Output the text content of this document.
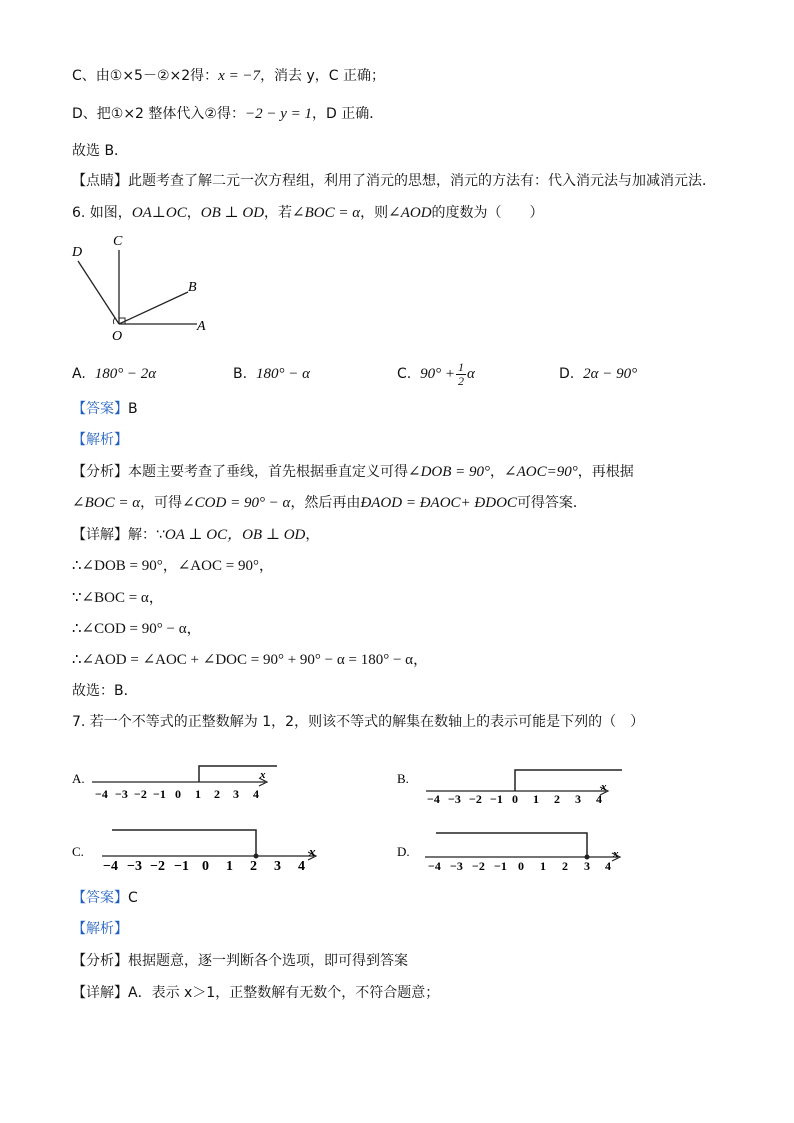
C、由①×5－②×2得：x = −7，消去 y，C 正确；
D、把①×2 整体代入②得：−2 − y = 1，D 正确．
故选 B．
【点睛】此题考查了解二元一次方程组，利用了消元的思想，消元的方法有：代入消元法与加减消元法．
6. 如图，OA⊥OC，OB ⊥ OD，若∠BOC = α，则∠AOD的度数为（　　）
D
C
B
O
A
A. 180° − 2α	B. 180° − α	C. $90^\circ + \frac{1}{2}$ α	D. 2α − 90°
【答案】B
【解析】
【分析】本题主要考查了垂线，首先根据垂直定义可得∠DOB = 90°，∠AOC=90°，再根据
∠BOC = α，可得∠COD = 90° − α，然后再由ÐAOD = ÐAOC+ ÐDOC可得答案．
【详解】解：∵OA ⊥ OC，OB ⊥ OD，
∴∠DOB = 90°，∠AOC = 90°，
∵∠BOC = α，
∴∠COD = 90° − α，
∴∠AOD = ∠AOC + ∠DOC = 90° + 90° − α = 180° − α，
故选：B．
7. 若一个不等式的正整数解为 1，2，则该不等式的解集在数轴上的表示可能是下列的（　）
A.	x
−4 −3 −2 −1 0 1 2 3 4
B.
x
−4 −3 −2 −1 0 1 2 3 4
C.	x
−4 −3 −2 −1 0 1 2 3 4
D.	x
−4 −3 −2 −1 0 1 2 3 4
【答案】C
【解析】
【分析】根据题意，逐一判断各个选项，即可得到答案
【详解】A．表示 x＞1，正整数解有无数个，不符合题意；
